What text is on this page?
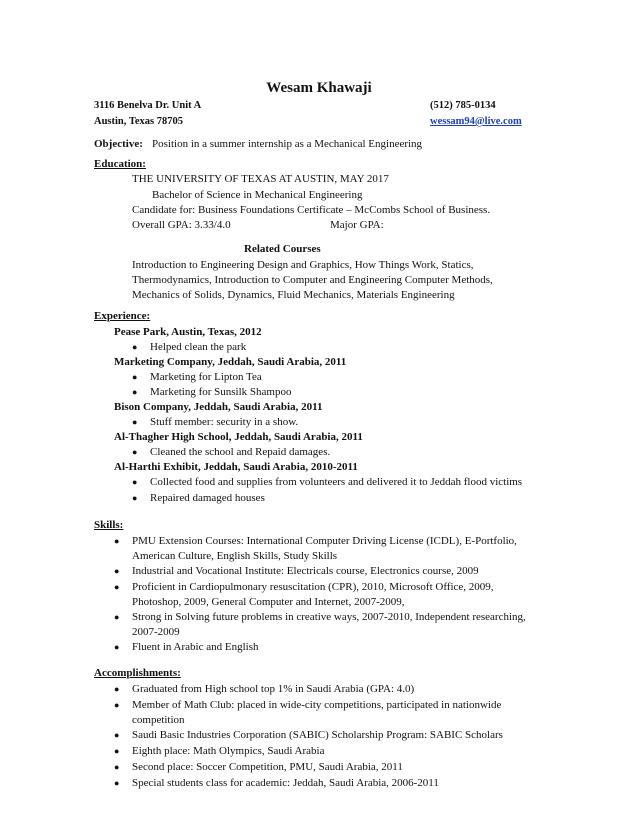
Wesam Khawaji
3116 Benelva Dr. Unit A
Austin, Texas 78705
(512) 785-0134
wessam94@live.com
Objective: Position in a summer internship as a Mechanical Engineering
Education:
THE UNIVERSITY OF TEXAS AT AUSTIN, MAY 2017
Bachelor of Science in Mechanical Engineering
Candidate for: Business Foundations Certificate – McCombs School of Business.
Overall GPA: 3.33/4.0	Major GPA:
Related Courses
Introduction to Engineering Design and Graphics, How Things Work, Statics,
Thermodynamics, Introduction to Computer and Engineering Computer Methods,
Mechanics of Solids, Dynamics, Fluid Mechanics, Materials Engineering
Experience:
Pease Park, Austin, Texas, 2012
● Helped clean the park
Marketing Company, Jeddah, Saudi Arabia, 2011
● Marketing for Lipton Tea
● Marketing for Sunsilk Shampoo
Bison Company, Jeddah, Saudi Arabia, 2011
● Stuff member: security in a show.
Al-Thagher High School, Jeddah, Saudi Arabia, 2011
● Cleaned the school and Repaid damages.
Al-Harthi Exhibit, Jeddah, Saudi Arabia, 2010-2011
● Collected food and supplies from volunteers and delivered it to Jeddah flood victims
● Repaired damaged houses
Skills:
● PMU Extension Courses: International Computer Driving License (ICDL), E-Portfolio,
American Culture, English Skills, Study Skills
● Industrial and Vocational Institute: Electricals course, Electronics course, 2009
● Proficient in Cardiopulmonary resuscitation (CPR), 2010, Microsoft Office, 2009,
Photoshop, 2009, General Computer and Internet, 2007-2009,
● Strong in Solving future problems in creative ways, 2007-2010, Independent researching,
2007-2009
● Fluent in Arabic and English
Accomplishments:
● Graduated from High school top 1% in Saudi Arabia (GPA: 4.0)
● Member of Math Club: placed in wide-city competitions, participated in nationwide
competition
● Saudi Basic Industries Corporation (SABIC) Scholarship Program: SABIC Scholars
● Eighth place: Math Olympics, Saudi Arabia
● Second place: Soccer Competition, PMU, Saudi Arabia, 2011
● Special students class for academic: Jeddah, Saudi Arabia, 2006-2011
